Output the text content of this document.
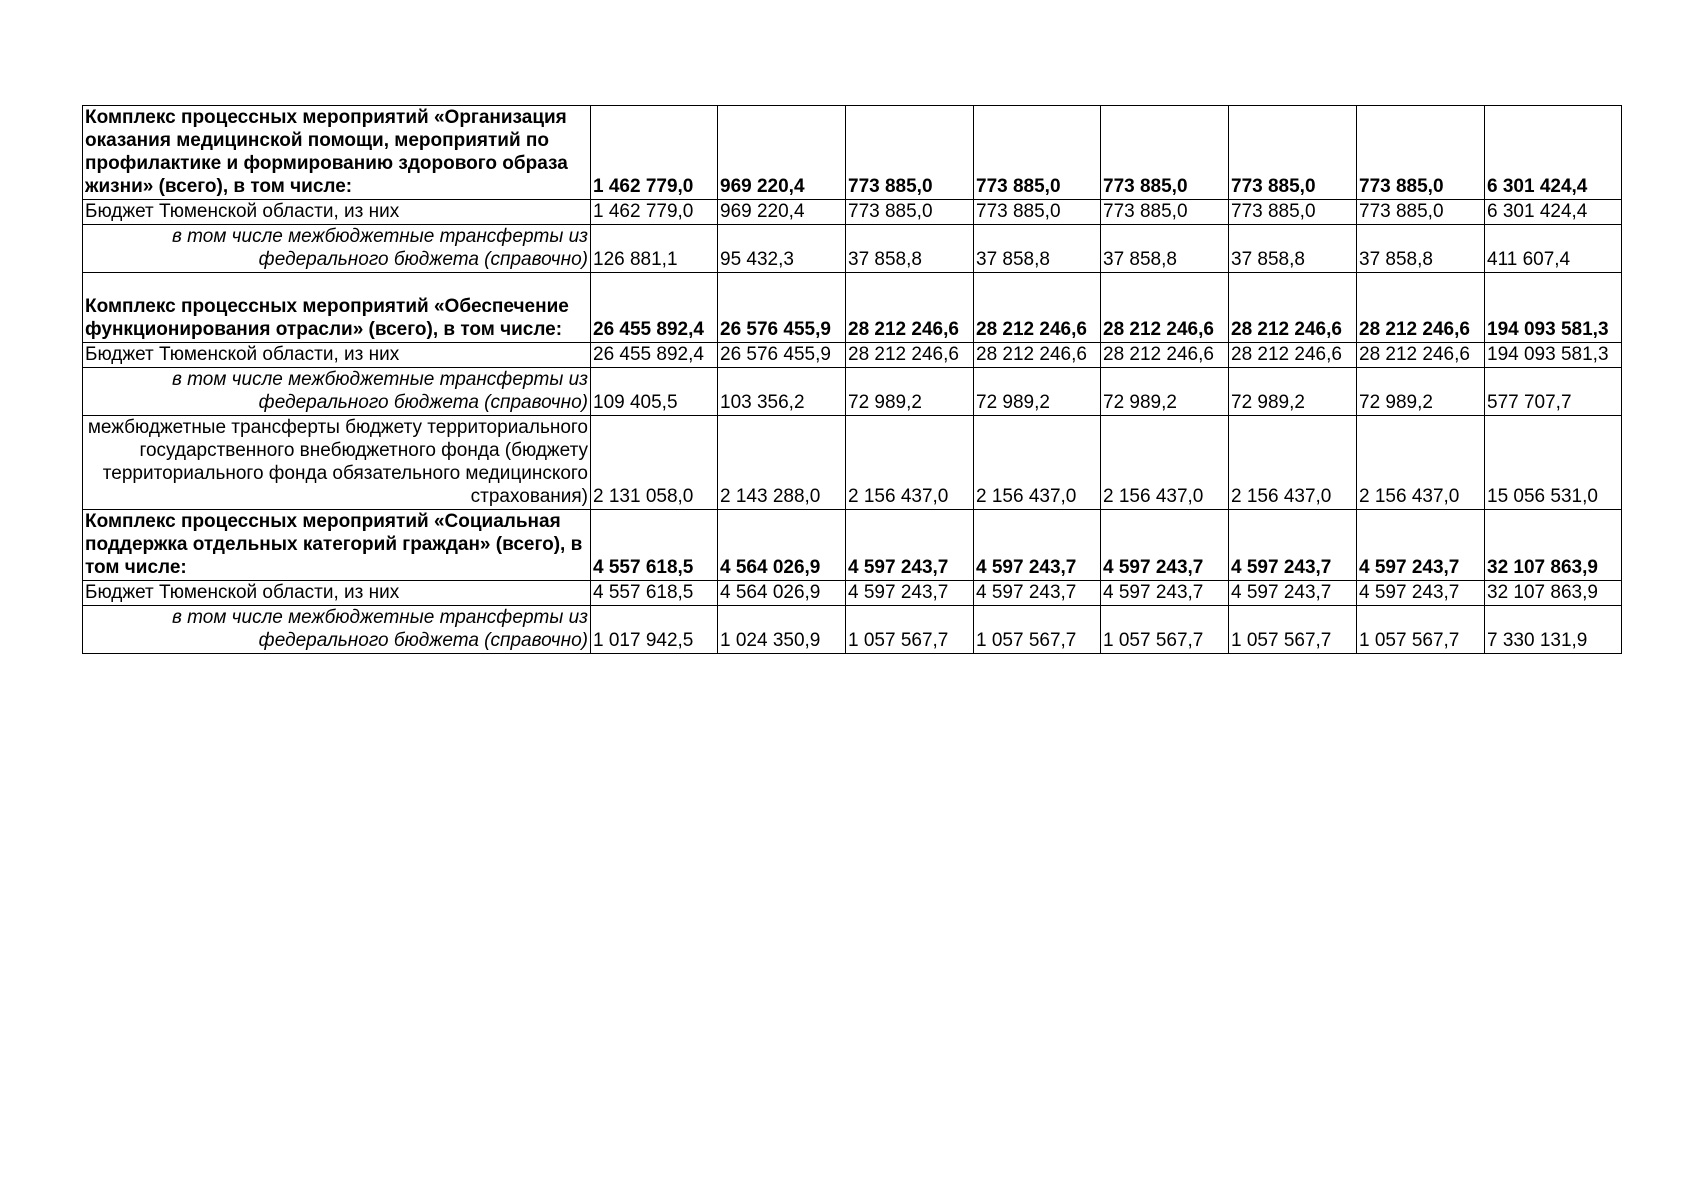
Комплекс процессных мероприятий «Организация оказания медицинской помощи, мероприятий по профилактике и формированию здорового образа жизни» (всего), в том числе:	1 462 779,0	969 220,4	773 885,0	773 885,0	773 885,0	773 885,0	773 885,0	6 301 424,4
Бюджет Тюменской области, из них	1 462 779,0	969 220,4	773 885,0	773 885,0	773 885,0	773 885,0	773 885,0	6 301 424,4
в том числе межбюджетные трансферты из федерального бюджета (справочно)	126 881,1	95 432,3	37 858,8	37 858,8	37 858,8	37 858,8	37 858,8	411 607,4
Комплекс процессных мероприятий «Обеспечение функционирования отрасли» (всего), в том числе:	26 455 892,4	26 576 455,9	28 212 246,6	28 212 246,6	28 212 246,6	28 212 246,6	28 212 246,6	194 093 581,3
Бюджет Тюменской области, из них	26 455 892,4	26 576 455,9	28 212 246,6	28 212 246,6	28 212 246,6	28 212 246,6	28 212 246,6	194 093 581,3
в том числе межбюджетные трансферты из федерального бюджета (справочно)	109 405,5	103 356,2	72 989,2	72 989,2	72 989,2	72 989,2	72 989,2	577 707,7
межбюджетные трансферты бюджету территориального государственного внебюджетного фонда (бюджету территориального фонда обязательного медицинского страхования)	2 131 058,0	2 143 288,0	2 156 437,0	2 156 437,0	2 156 437,0	2 156 437,0	2 156 437,0	15 056 531,0
Комплекс процессных мероприятий «Социальная поддержка отдельных категорий граждан» (всего), в том числе:	4 557 618,5	4 564 026,9	4 597 243,7	4 597 243,7	4 597 243,7	4 597 243,7	4 597 243,7	32 107 863,9
Бюджет Тюменской области, из них	4 557 618,5	4 564 026,9	4 597 243,7	4 597 243,7	4 597 243,7	4 597 243,7	4 597 243,7	32 107 863,9
в том числе межбюджетные трансферты из федерального бюджета (справочно)	1 017 942,5	1 024 350,9	1 057 567,7	1 057 567,7	1 057 567,7	1 057 567,7	1 057 567,7	7 330 131,9
